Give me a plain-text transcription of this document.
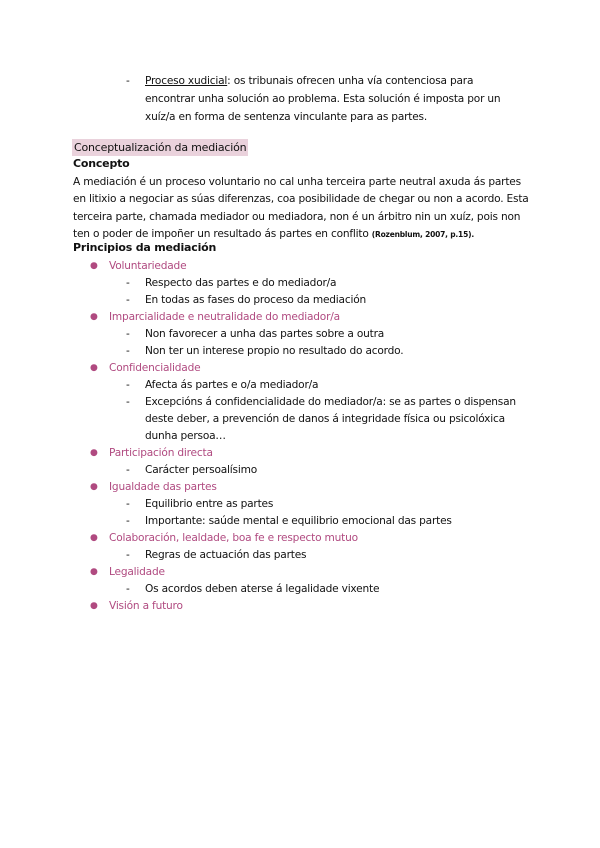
- Proceso xudicial: os tribunais ofrecen unha vía contenciosa para encontrar unha solución ao problema. Esta solución é imposta por un xuíz/a en forma de sentenza vinculante para as partes.
Conceptualización da mediación
Concepto
A mediación é un proceso voluntario no cal unha terceira parte neutral axuda ás partes en litixio a negociar as súas diferenzas, coa posibilidade de chegar ou non a acordo. Esta terceira parte, chamada mediador ou mediadora, non é un árbitro nin un xuíz, pois non ten o poder de impoñer un resultado ás partes en conflito (Rozenblum, 2007, p.15).
Principios da mediación
● Voluntariedade
- Respecto das partes e do mediador/a
- En todas as fases do proceso da mediación
● Imparcialidade e neutralidade do mediador/a
- Non favorecer a unha das partes sobre a outra
- Non ter un interese propio no resultado do acordo.
● Confidencialidade
- Afecta ás partes e o/a mediador/a
- Excepcións á confidencialidade do mediador/a: se as partes o dispensan deste deber, a prevención de danos á integridade física ou psicolóxica dunha persoa…
● Participación directa
- Carácter persoalísimo
● Igualdade das partes
- Equilibrio entre as partes
- Importante: saúde mental e equilibrio emocional das partes
● Colaboración, lealdade, boa fe e respecto mutuo
- Regras de actuación das partes
● Legalidade
- Os acordos deben aterse á legalidade vixente
● Visión a futuro
